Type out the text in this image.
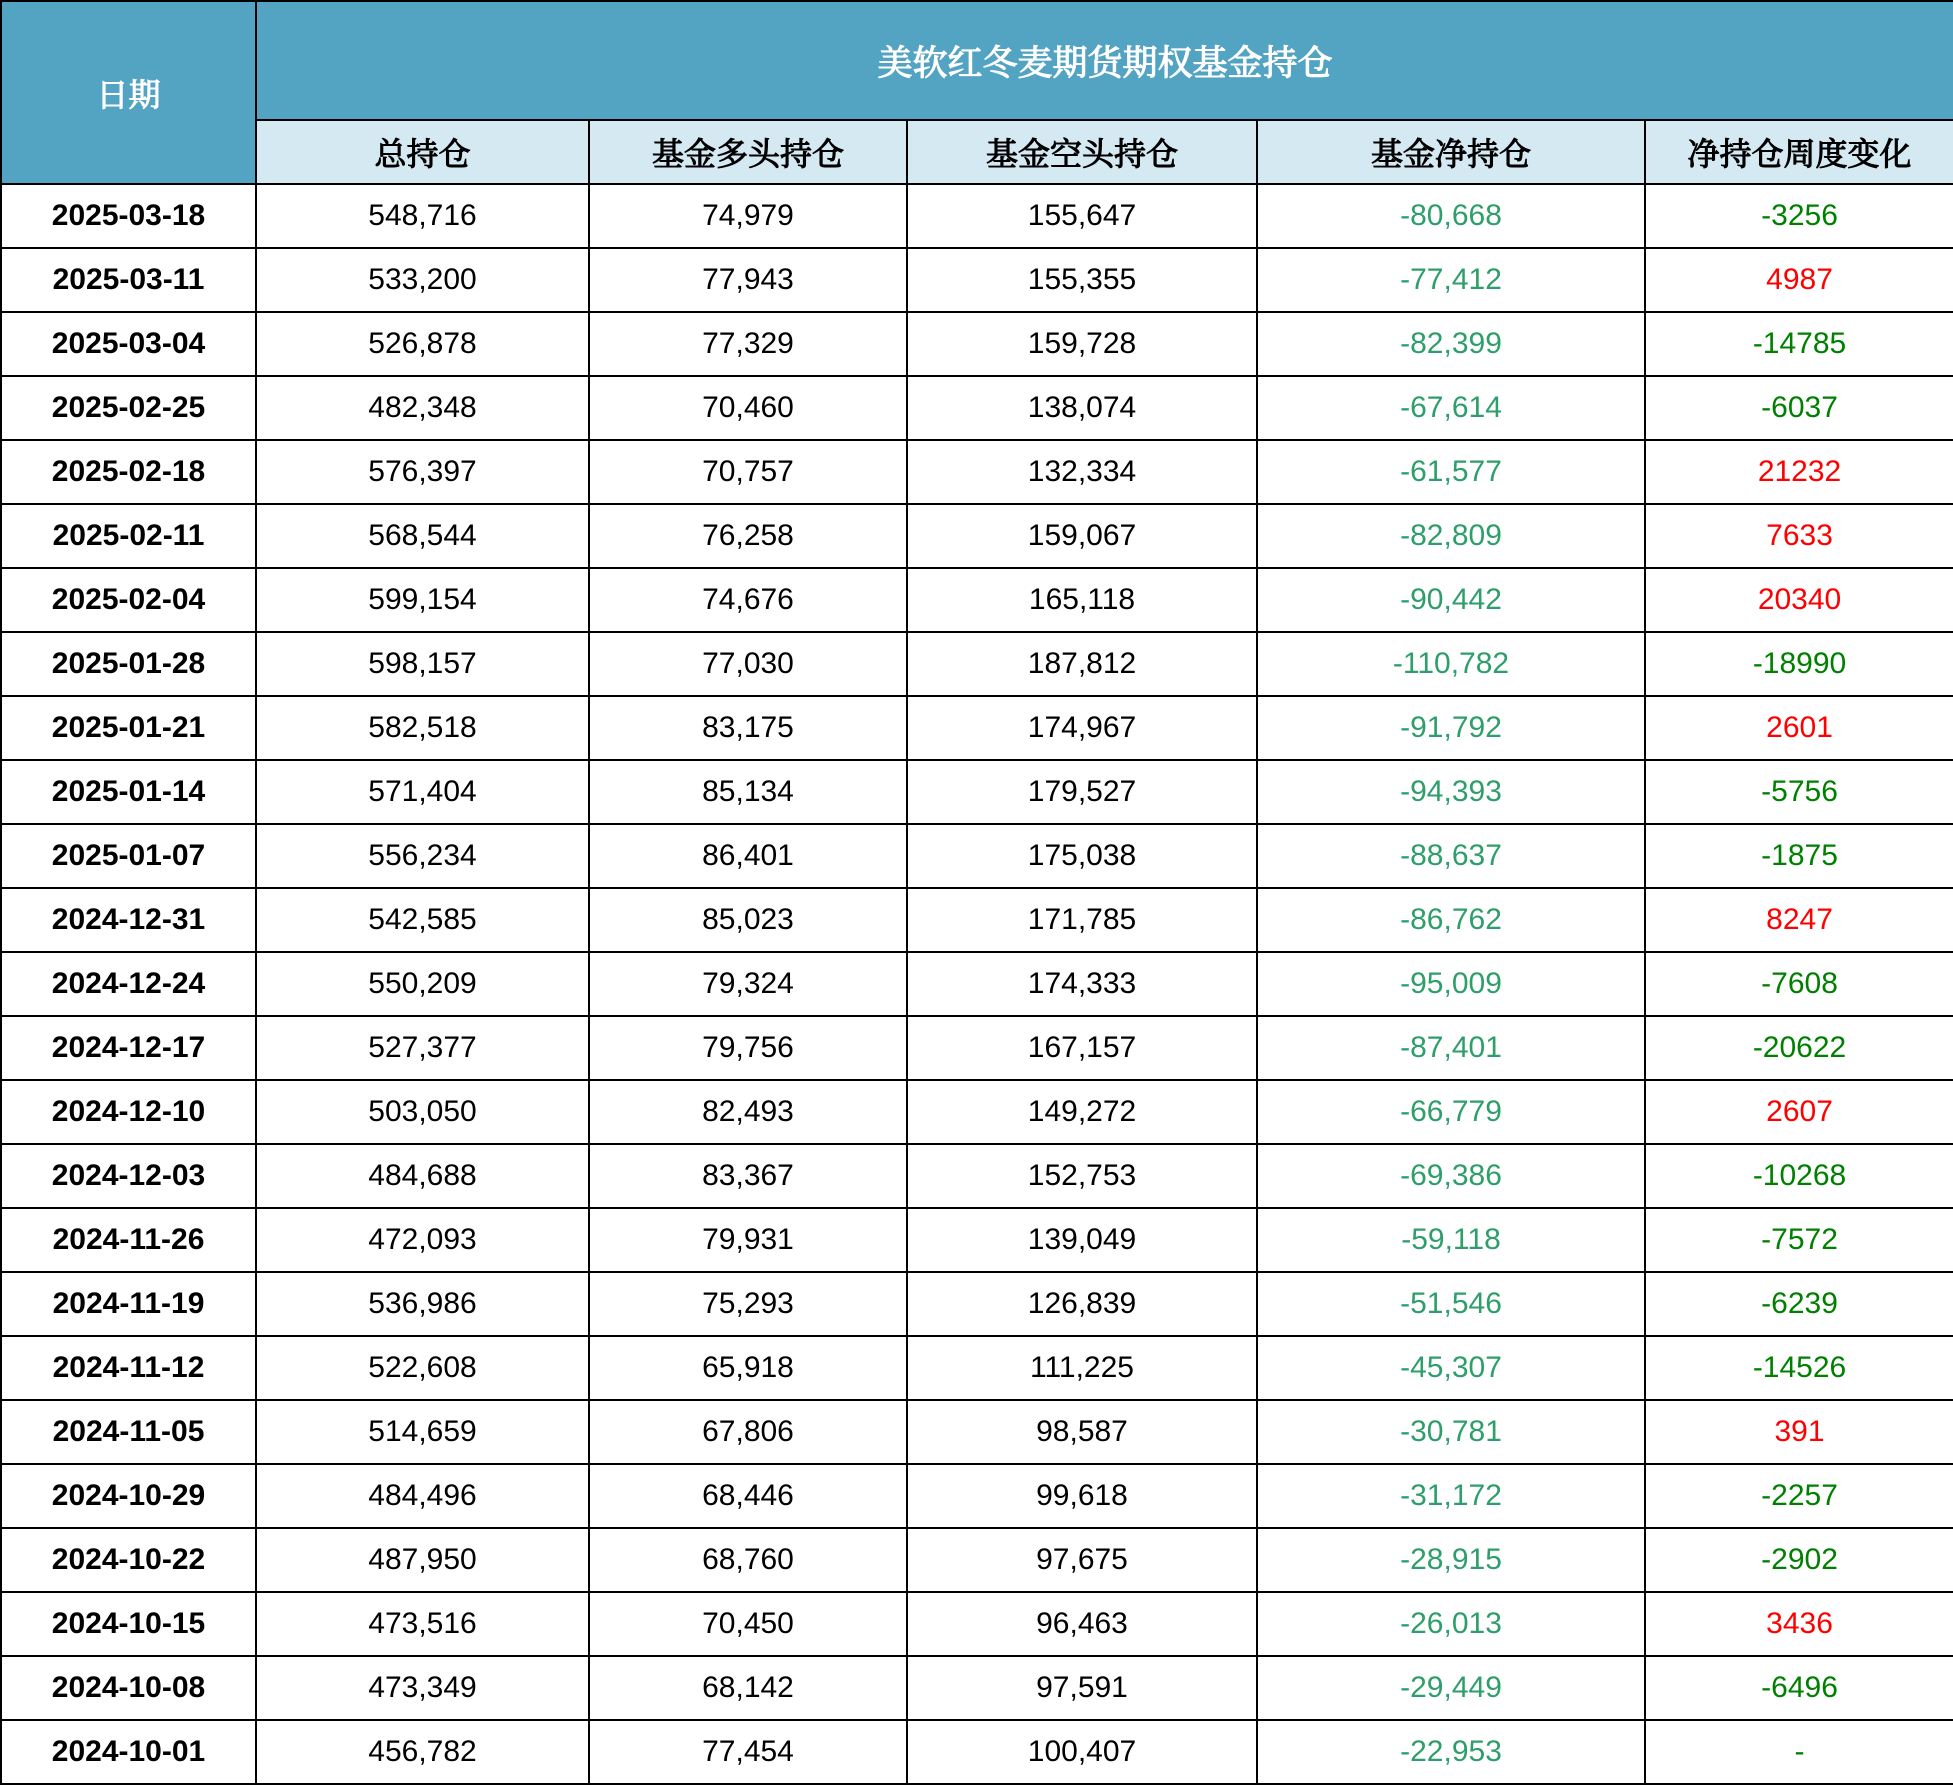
日期	美软红冬麦期货期权基金持仓				
	总持仓	基金多头持仓	基金空头持仓	基金净持仓	净持仓周度变化
2025-03-18	548,716	74,979	155,647	-80,668	-3256
2025-03-11	533,200	77,943	155,355	-77,412	4987
2025-03-04	526,878	77,329	159,728	-82,399	-14785
2025-02-25	482,348	70,460	138,074	-67,614	-6037
2025-02-18	576,397	70,757	132,334	-61,577	21232
2025-02-11	568,544	76,258	159,067	-82,809	7633
2025-02-04	599,154	74,676	165,118	-90,442	20340
2025-01-28	598,157	77,030	187,812	-110,782	-18990
2025-01-21	582,518	83,175	174,967	-91,792	2601
2025-01-14	571,404	85,134	179,527	-94,393	-5756
2025-01-07	556,234	86,401	175,038	-88,637	-1875
2024-12-31	542,585	85,023	171,785	-86,762	8247
2024-12-24	550,209	79,324	174,333	-95,009	-7608
2024-12-17	527,377	79,756	167,157	-87,401	-20622
2024-12-10	503,050	82,493	149,272	-66,779	2607
2024-12-03	484,688	83,367	152,753	-69,386	-10268
2024-11-26	472,093	79,931	139,049	-59,118	-7572
2024-11-19	536,986	75,293	126,839	-51,546	-6239
2024-11-12	522,608	65,918	111,225	-45,307	-14526
2024-11-05	514,659	67,806	98,587	-30,781	391
2024-10-29	484,496	68,446	99,618	-31,172	-2257
2024-10-22	487,950	68,760	97,675	-28,915	-2902
2024-10-15	473,516	70,450	96,463	-26,013	3436
2024-10-08	473,349	68,142	97,591	-29,449	-6496
2024-10-01	456,782	77,454	100,407	-22,953	-
